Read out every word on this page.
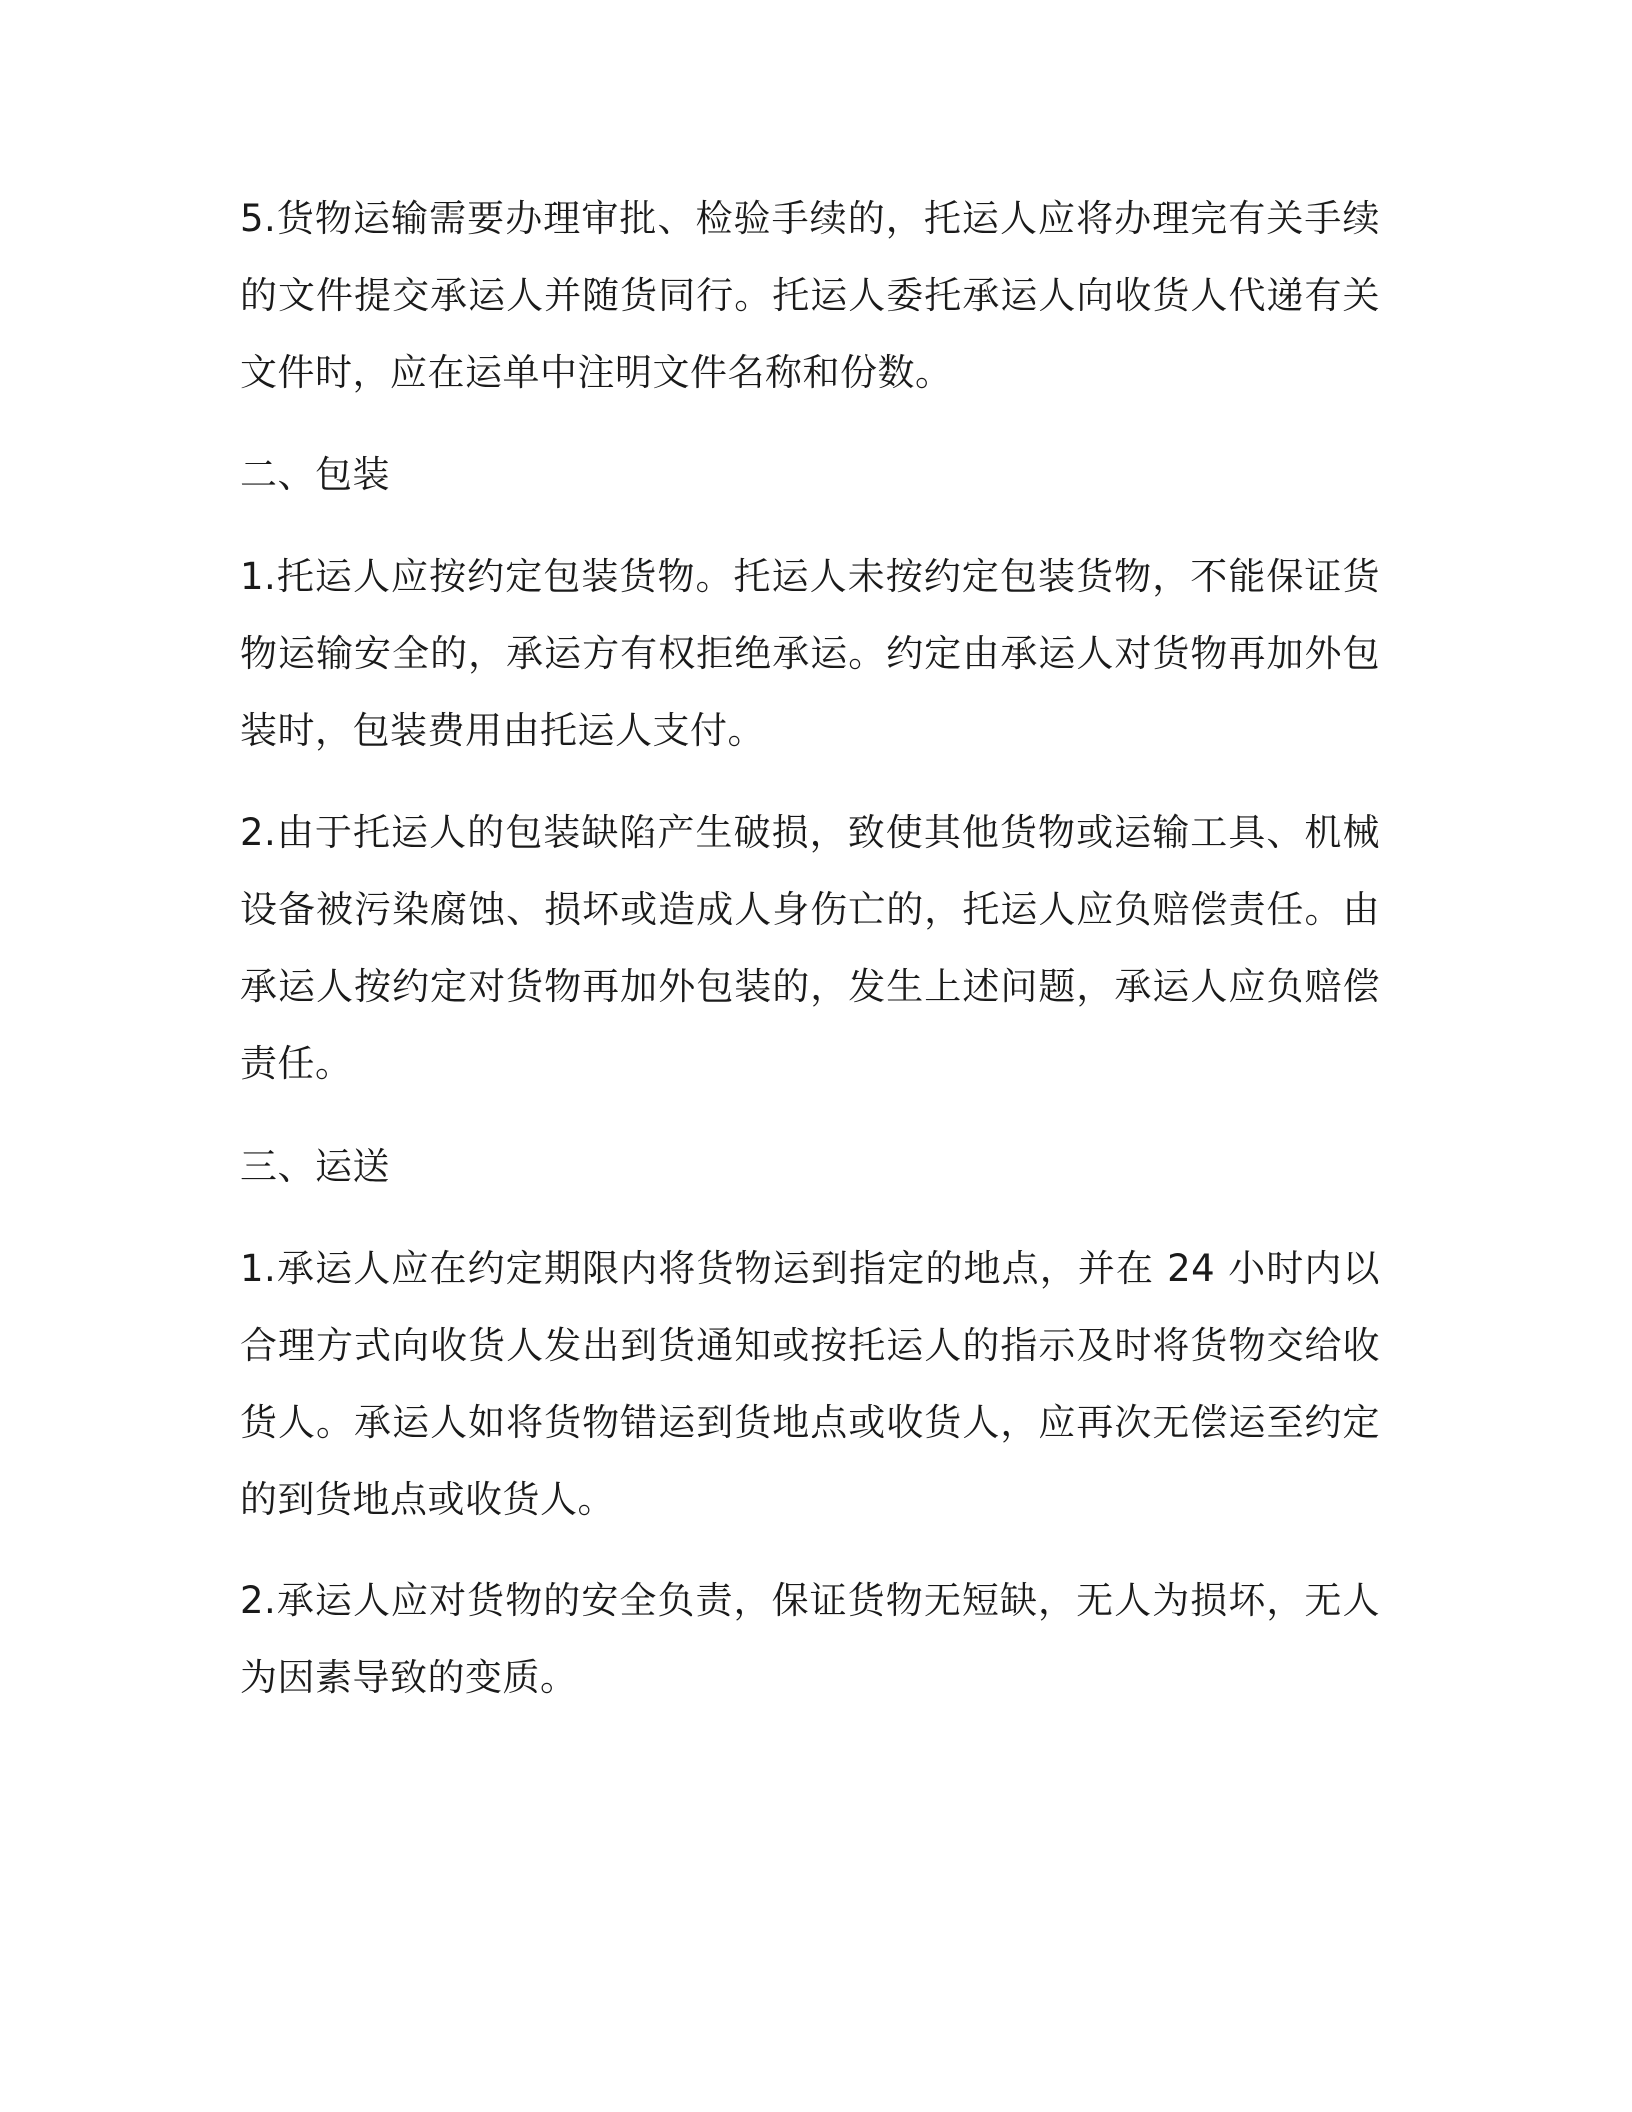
5.货物运输需要办理审批、检验手续的，托运人应将办理完有关手续的文件提交承运人并随货同行。托运人委托承运人向收货人代递有关文件时，应在运单中注明文件名称和份数。

二、包装

1.托运人应按约定包装货物。托运人未按约定包装货物，不能保证货物运输安全的，承运方有权拒绝承运。约定由承运人对货物再加外包装时，包装费用由托运人支付。

2.由于托运人的包装缺陷产生破损，致使其他货物或运输工具、机械设备被污染腐蚀、损坏或造成人身伤亡的，托运人应负赔偿责任。由承运人按约定对货物再加外包装的，发生上述问题，承运人应负赔偿责任。

三、运送

1.承运人应在约定期限内将货物运到指定的地点，并在 24 小时内以合理方式向收货人发出到货通知或按托运人的指示及时将货物交给收货人。承运人如将货物错运到货地点或收货人，应再次无偿运至约定的到货地点或收货人。

2.承运人应对货物的安全负责，保证货物无短缺，无人为损坏，无人为因素导致的变质。
